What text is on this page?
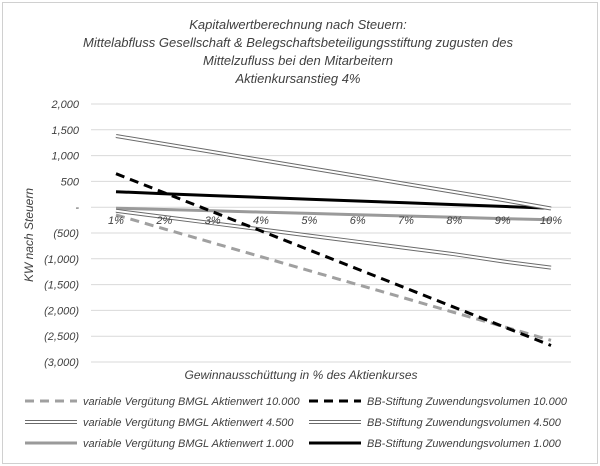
Kapitalwertberechnung nach Steuern:
Mittelabfluss Gesellschaft & Belegschaftsbeteiligungsstiftung zugusten des
Mittelzufluss bei den Mitarbeitern
Aktienkursanstieg 4%
2,000
1,500
1,000
500
-
(500)
(1,000)
(1,500)
(2,000)
(2,500)
(3,000)
1%	2%	3%	4%	5%	6%	7%	8%	9%	10%
KW nach Steuern
Gewinnausschüttung in % des Aktienkurses
variable Vergütung BMGL Aktienwert 10.000	BB-Stiftung Zuwendungsvolumen 10.000
variable Vergütung BMGL Aktienwert 4.500	BB-Stiftung Zuwendungsvolumen 4.500
variable Vergütung BMGL Aktienwert 1.000	BB-Stiftung Zuwendungsvolumen 1.000
